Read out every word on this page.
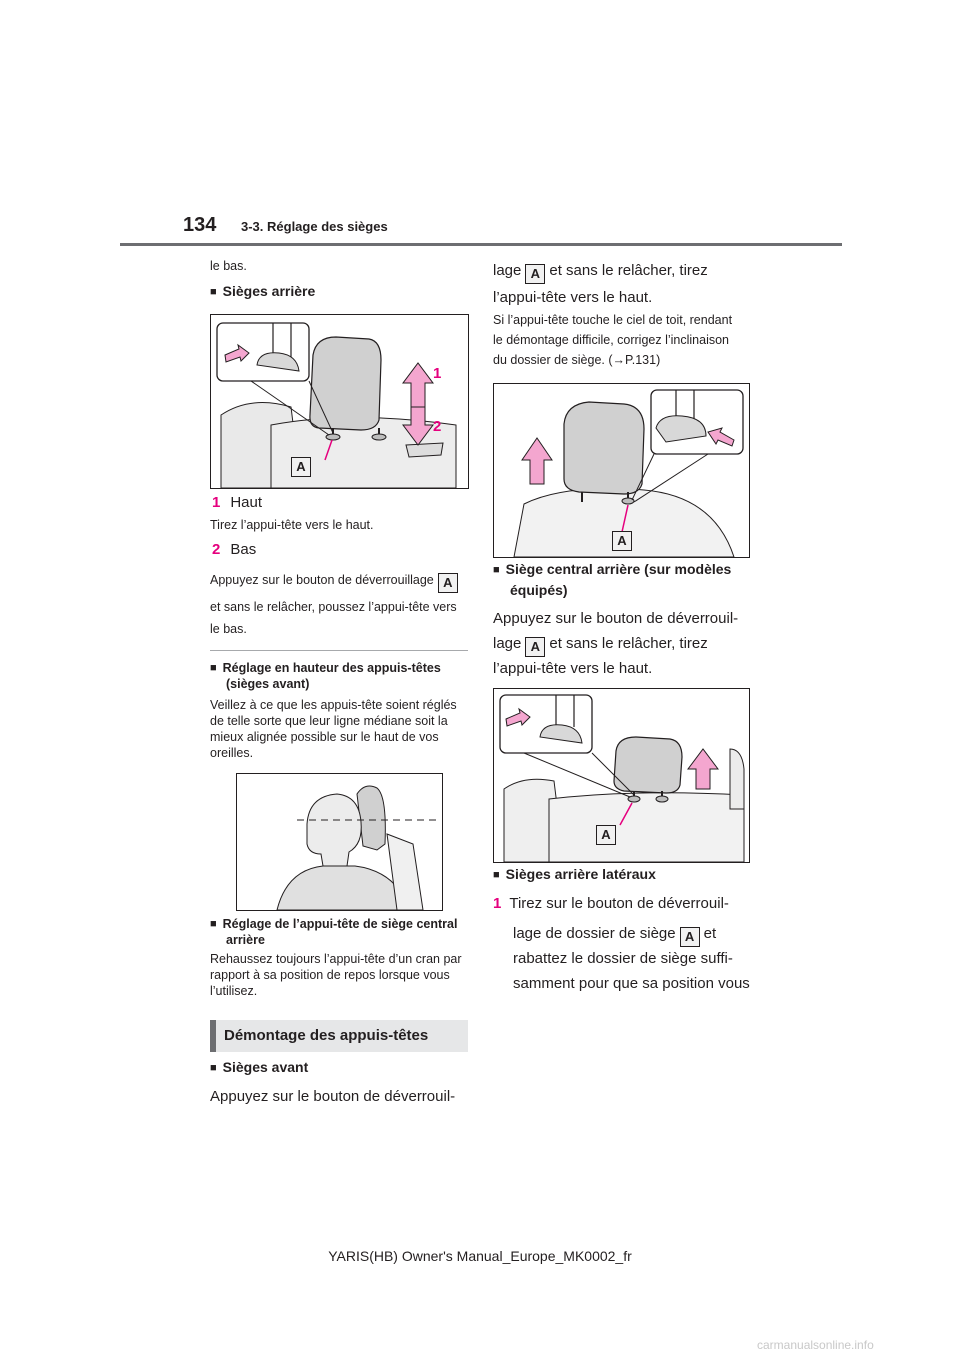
134 3-3. Réglage des sièges
le bas.
■ Sièges arrière
1
2
A
1 Haut
Tirez l’appui-tête vers le haut.
2 Bas
Appuyez sur le bouton de déverrouillage A
et sans le relâcher, poussez l’appui-tête vers
le bas.
■ Réglage en hauteur des appuis-têtes
(sièges avant)
Veillez à ce que les appuis-tête soient réglés de telle sorte que leur ligne médiane soit la mieux alignée possible sur le haut de vos oreilles.
■ Réglage de l’appui-tête de siège central
arrière
Rehaussez toujours l’appui-tête d’un cran par rapport à sa position de repos lorsque vous l’utilisez.
Démontage des appuis-têtes
■ Sièges avant
Appuyez sur le bouton de déverrouil-
lage A et sans le relâcher, tirez
l’appui-tête vers le haut.
Si l’appui-tête touche le ciel de toit, rendant
le démontage difficile, corrigez l’inclinaison
du dossier de siège. (→P.131)
A
■ Siège central arrière (sur modèles
équipés)
Appuyez sur le bouton de déverrouil-
lage A et sans le relâcher, tirez
l’appui-tête vers le haut.
A
■ Sièges arrière latéraux
1 Tirez sur le bouton de déverrouil-
lage de dossier de siège A et
rabattez le dossier de siège suffi-
samment pour que sa position vous
YARIS(HB) Owner's Manual_Europe_MK0002_fr
carmanualsonline.info
